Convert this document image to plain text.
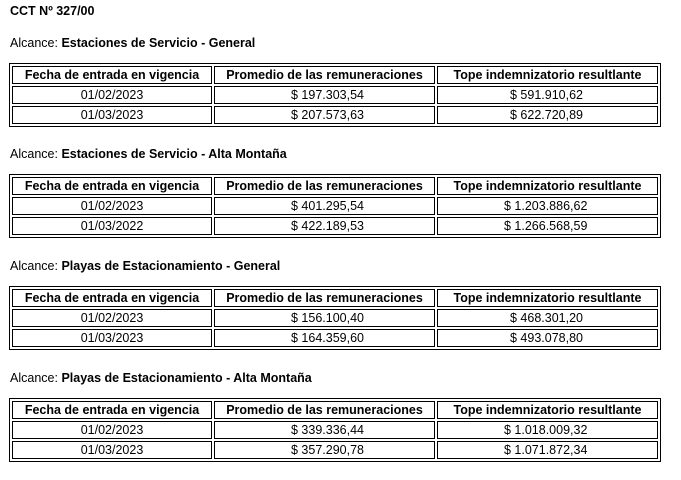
CCT Nº 327/00
Alcance: Estaciones de Servicio - General
Fecha de entrada en vigencia	Promedio de las remuneraciones	Tope indemnizatorio resultlante
01/02/2023	$ 197.303,54	$ 591.910,62
01/03/2023	$ 207.573,63	$ 622.720,89
Alcance: Estaciones de Servicio - Alta Montaña
Fecha de entrada en vigencia	Promedio de las remuneraciones	Tope indemnizatorio resultlante
01/02/2023	$ 401.295,54	$ 1.203.886,62
01/03/2022	$ 422.189,53	$ 1.266.568,59
Alcance: Playas de Estacionamiento - General
Fecha de entrada en vigencia	Promedio de las remuneraciones	Tope indemnizatorio resultlante
01/02/2023	$ 156.100,40	$ 468.301,20
01/03/2023	$ 164.359,60	$ 493.078,80
Alcance: Playas de Estacionamiento - Alta Montaña
Fecha de entrada en vigencia	Promedio de las remuneraciones	Tope indemnizatorio resultlante
01/02/2023	$ 339.336,44	$ 1.018.009,32
01/03/2023	$ 357.290,78	$ 1.071.872,34
